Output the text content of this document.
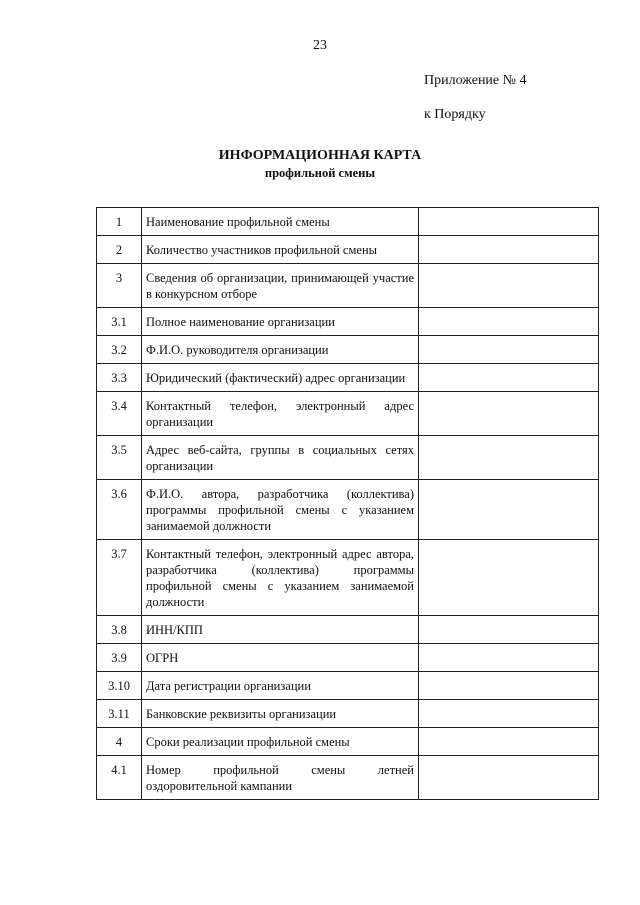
23
Приложение № 4
к Порядку
ИНФОРМАЦИОННАЯ КАРТА
профильной смены
1	Наименование профильной смены	
2	Количество участников профильной смены	
3	Сведения об организации, принимающей участие в конкурсном отборе	
3.1	Полное наименование организации	
3.2	Ф.И.О. руководителя организации	
3.3	Юридический (фактический) адрес организации	
3.4	Контактный телефон, электронный адрес организации	
3.5	Адрес веб-сайта, группы в социальных сетях организации	
3.6	Ф.И.О. автора, разработчика (коллектива) программы профильной смены с указанием занимаемой должности	
3.7	Контактный телефон, электронный адрес автора, разработчика (коллектива) программы профильной смены с указанием занимаемой должности	
3.8	ИНН/КПП	
3.9	ОГРН	
3.10	Дата регистрации организации	
3.11	Банковские реквизиты организации	
4	Сроки реализации профильной смены	
4.1	Номер профильной смены летней оздоровительной кампании	
